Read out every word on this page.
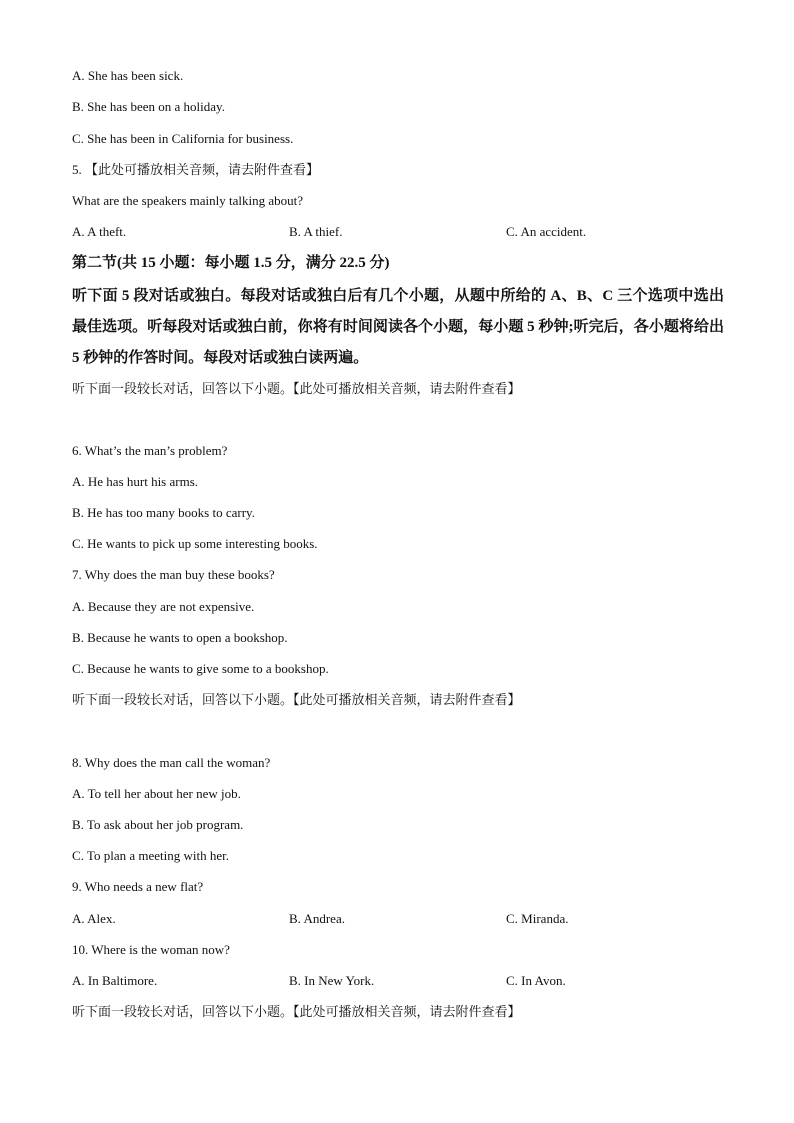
A. She has been sick.
B. She has been on a holiday.
C. She has been in California for business.
5. 【此处可播放相关音频，请去附件查看】
What are the speakers mainly talking about?
A. A theft.	B. A thief.	C. An accident.
第二节(共 15 小题：每小题 1.5 分，满分 22.5 分)
听下面 5 段对话或独白。每段对话或独白后有几个小题，从题中所给的 A、B、C 三个选项中选出最佳选项。听每段对话或独白前，你将有时间阅读各个小题，每小题 5 秒钟;听完后，各小题将给出 5 秒钟的作答时间。每段对话或独白读两遍。
听下面一段较长对话，回答以下小题。【此处可播放相关音频，请去附件查看】
6. What’s the man’s problem?
A. He has hurt his arms.
B. He has too many books to carry.
C. He wants to pick up some interesting books.
7. Why does the man buy these books?
A. Because they are not expensive.
B. Because he wants to open a bookshop.
C. Because he wants to give some to a bookshop.
听下面一段较长对话，回答以下小题。【此处可播放相关音频，请去附件查看】
8. Why does the man call the woman?
A. To tell her about her new job.
B. To ask about her job program.
C. To plan a meeting with her.
9. Who needs a new flat?
A. Alex.	B. Andrea.	C. Miranda.
10. Where is the woman now?
A. In Baltimore.	B. In New York.	C. In Avon.
听下面一段较长对话，回答以下小题。【此处可播放相关音频，请去附件查看】
